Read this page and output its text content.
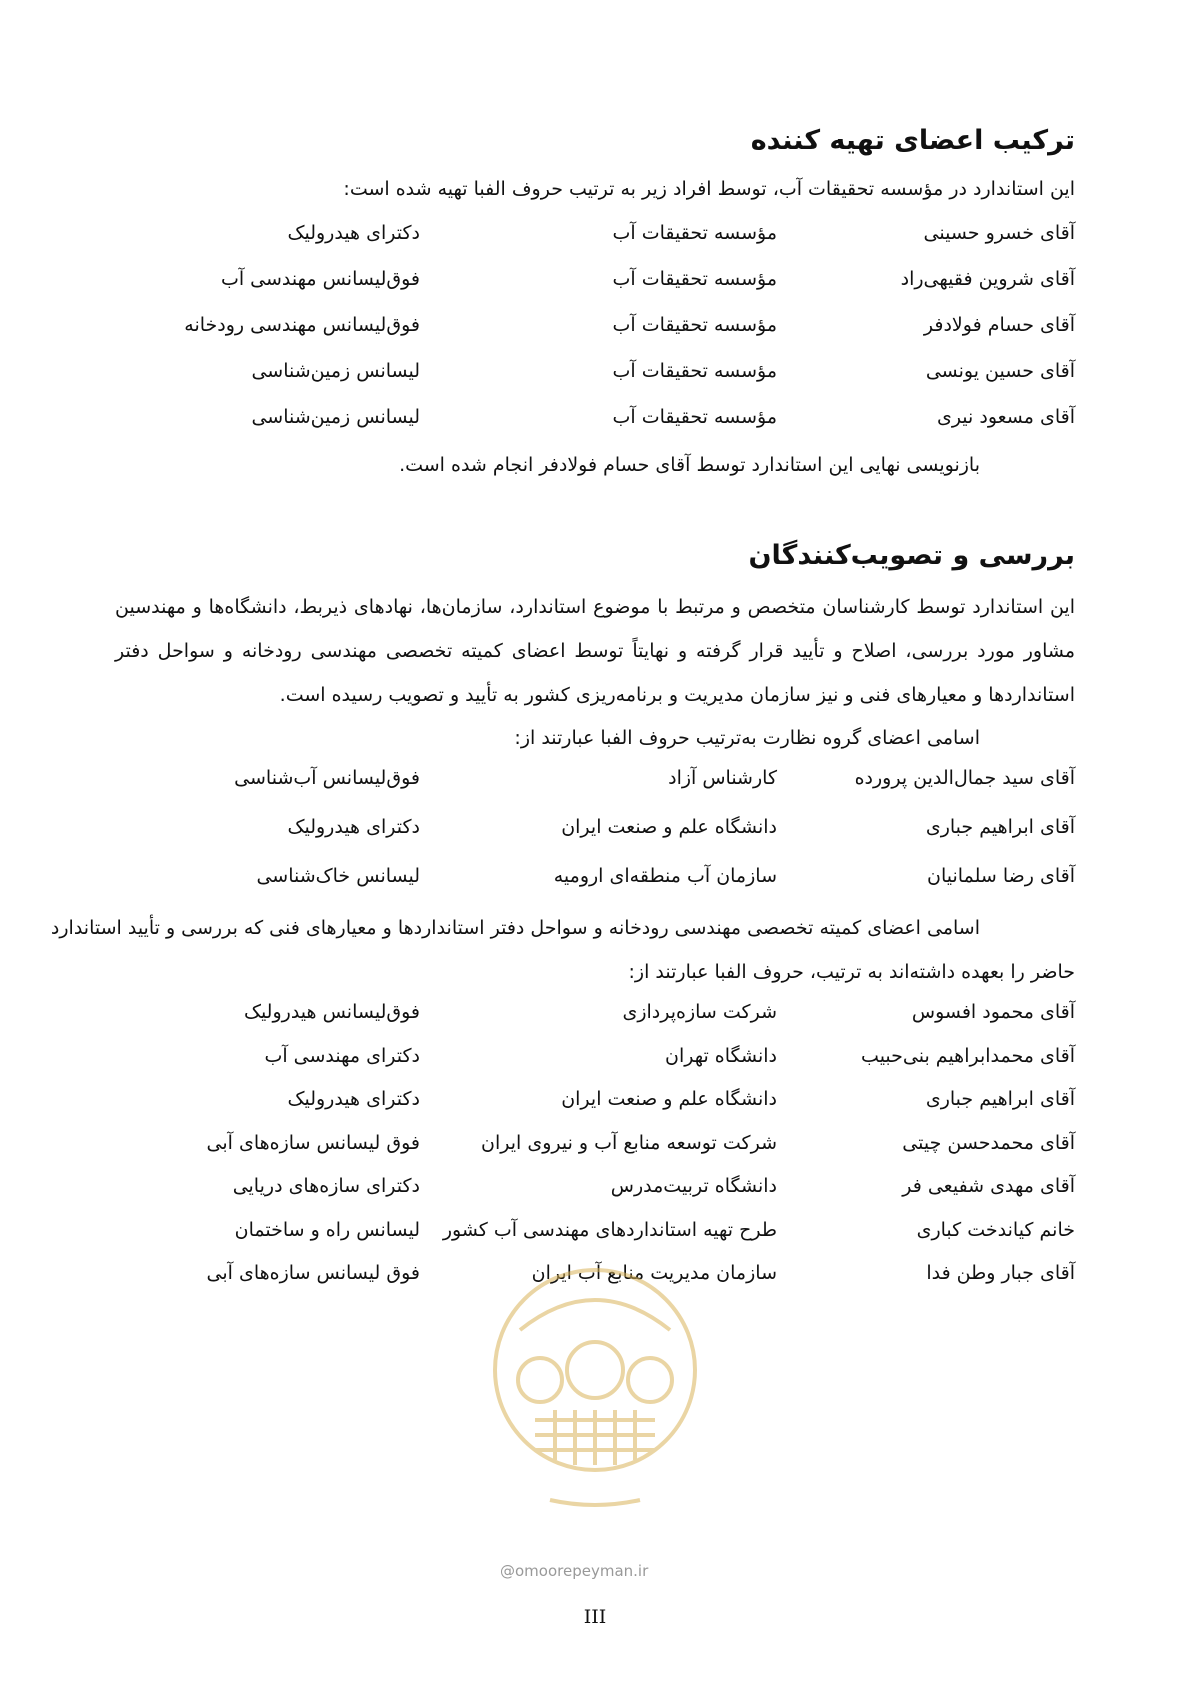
ترکیب اعضای تهیه کننده
این استاندارد در مؤسسه تحقیقات آب، توسط افراد زیر به ترتیب حروف الفبا تهیه شده است:
آقای خسرو حسینی
مؤسسه تحقیقات آب
دکترای هیدرولیک
آقای شروین فقیهی‌راد
مؤسسه تحقیقات آب
فوق‌لیسانس مهندسی آب
آقای حسام فولادفر
مؤسسه تحقیقات آب
فوق‌لیسانس مهندسی رودخانه
آقای حسین یونسی
مؤسسه تحقیقات آب
لیسانس زمین‌شناسی
آقای مسعود نیری
مؤسسه تحقیقات آب
لیسانس زمین‌شناسی
بازنویسی نهایی این استاندارد توسط آقای حسام فولادفر انجام شده است.
بررسی و تصویب‌کنندگان
این استاندارد توسط کارشناسان متخصص و مرتبط با موضوع استاندارد، سازمان‌ها، نهادهای ذیربط، دانشگاه‌ها و مهندسین
مشاور مورد بررسی، اصلاح و تأیید قرار گرفته و نهایتاً توسط اعضای کمیته تخصصی مهندسی رودخانه و سواحل دفتر
استانداردها و معیارهای فنی و نیز سازمان مدیریت و برنامه‌ریزی کشور به تأیید و تصویب رسیده است.
اسامی اعضای گروه نظارت به‌ترتیب حروف الفبا عبارتند از:
آقای سید جمال‌الدین پرورده
کارشناس آزاد
فوق‌لیسانس آب‌شناسی
آقای ابراهیم جباری
دانشگاه علم و صنعت ایران
دکترای هیدرولیک
آقای رضا سلمانیان
سازمان آب منطقه‌ای ارومیه
لیسانس خاک‌شناسی
اسامی اعضای کمیته تخصصی مهندسی رودخانه و سواحل دفتر استانداردها و معیارهای فنی که بررسی و تأیید استاندارد
حاضر را بعهده داشته‌اند به ترتیب، حروف الفبا عبارتند از:
آقای محمود افسوس
شرکت سازه‌پردازی
فوق‌لیسانس هیدرولیک
آقای محمدابراهیم بنی‌حبیب
دانشگاه تهران
دکترای مهندسی آب
آقای ابراهیم جباری
دانشگاه علم و صنعت ایران
دکترای هیدرولیک
آقای محمدحسن چیتی
شرکت توسعه منابع آب و نیروی ایران
فوق لیسانس سازه‌های آبی
آقای مهدی شفیعی فر
دانشگاه تربیت‌مدرس
دکترای سازه‌های دریایی
خانم کیاندخت کباری
طرح تهیه استانداردهای مهندسی آب کشور
لیسانس راه و ساختمان
آقای جبار وطن فدا
سازمان مدیریت منابع آب ایران
فوق لیسانس سازه‌های آبی
@omoorepeyman.ir
III
